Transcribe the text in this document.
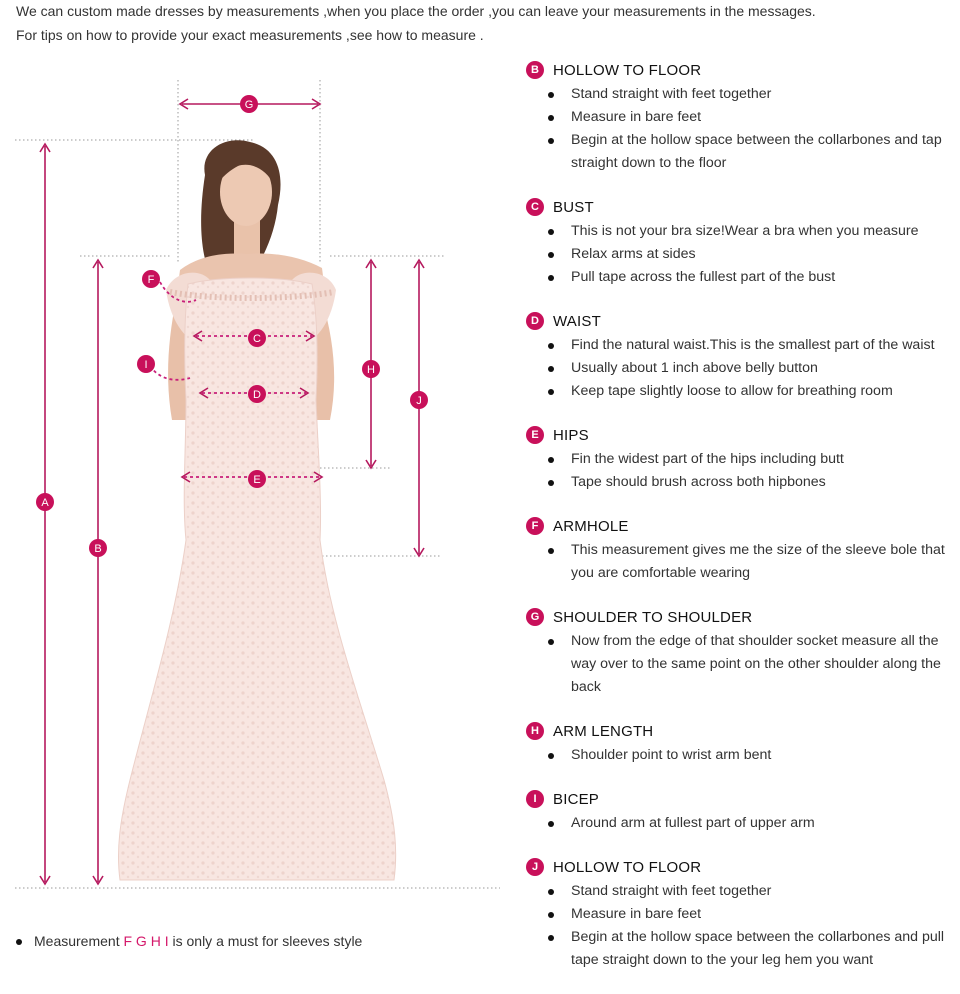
We can custom made dresses by measurements ,when you place the order ,you can leave your measurements in the messages.
For tips on how to provide your exact measurements ,see how to measure .
A
B
C
D
E
F
G
H
I
J
B HOLLOW TO FLOOR
Stand straight with feet together
Measure in bare feet
Begin at the hollow space between the collarbones and tap straight down to the floor
C BUST
This is not your bra size!Wear a bra when you measure
Relax arms at sides
Pull tape across the fullest part of the bust
D WAIST
Find the natural waist.This is the smallest part of the waist
Usually about 1 inch above belly button
Keep tape slightly loose to allow for breathing room
E HIPS
Fin the widest part of the hips including butt
Tape should brush across both hipbones
F ARMHOLE
This measurement gives me the size of the sleeve bole that you are comfortable wearing
G SHOULDER TO SHOULDER
Now from the edge of that shoulder socket measure all the way over to the same point on the other shoulder along the back
H ARM LENGTH
Shoulder point to wrist arm bent
I	BICEP
Around arm at fullest part of upper arm
J HOLLOW TO FLOOR
Stand straight with feet together
Measure in bare feet
Begin at the hollow space between the collarbones and pull tape straight down to the your leg hem you want
Measurement F G H I is only a must for sleeves style
